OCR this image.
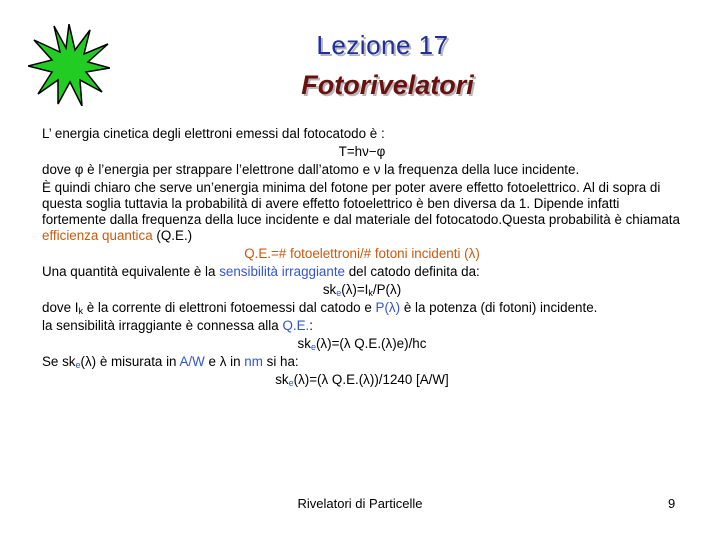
Lezione 17
Fotorivelatori
L’ energia cinetica degli elettroni emessi dal fotocatodo è :
T=hν−φ
dove φ è l’energia per strappare l’elettrone dall’atomo e ν la frequenza della luce incidente.
È quindi chiaro che serve un’energia minima del fotone per poter avere effetto fotoelettrico. Al di sopra di questa soglia tuttavia la probabilità di avere effetto fotoelettrico è ben diversa da 1. Dipende infatti fortemente dalla frequenza della luce incidente e dal materiale del fotocatodo.Questa probabilità è chiamata efficienza quantica (Q.E.)
Q.E.=# fotoelettroni/# fotoni incidenti (λ)
Una quantità equivalente è la sensibilità irraggiante del catodo definita da:
$sk_e(\lambda)=I_k/P(\lambda)$
dove $I_k$ è la corrente di elettroni fotoemessi dal catodo e P(λ) è la potenza (di fotoni) incidente.
la sensibilità irraggiante è connessa alla Q.E.:
$sk_e(\lambda)=(\lambda$ Q.E.(λ)e)/hc
Se $sk_e(\lambda)$ è misurata in A/W e λ in nm si ha:
$sk_e(\lambda)=(\lambda$ Q.E.(λ))/1240 [A/W]
Rivelatori di Particelle	9
